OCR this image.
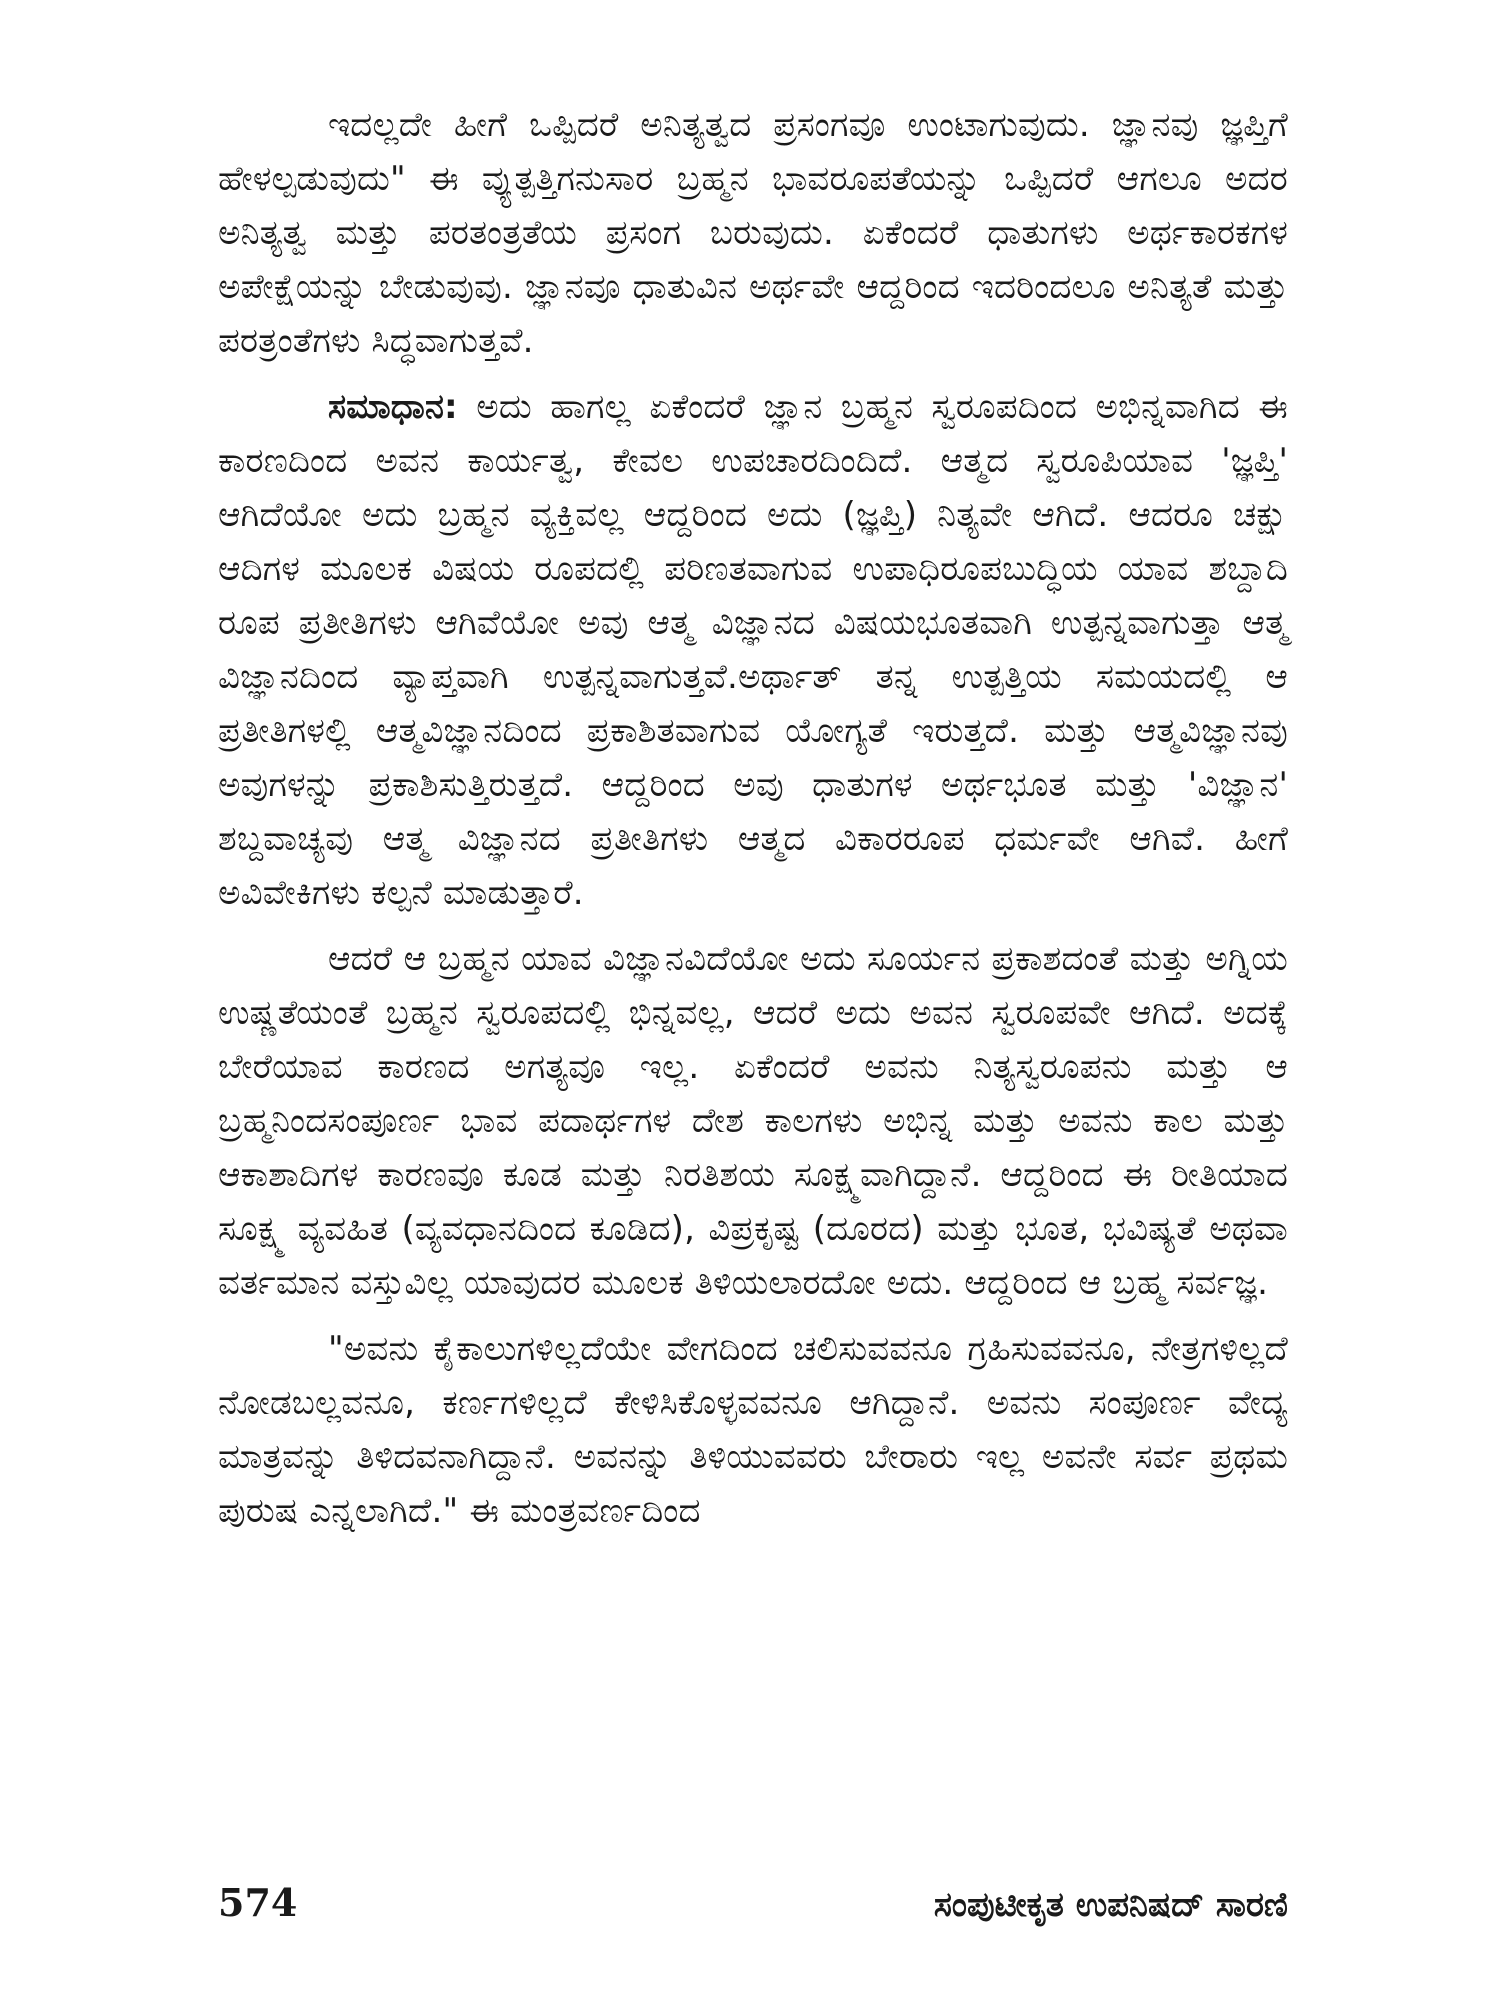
ಇದಲ್ಲದೇ ಹೀಗೆ ಒಪ್ಪಿದರೆ ಅನಿತ್ಯತ್ವದ ಪ್ರಸಂಗವೂ ಉಂಟಾಗುವುದು. ಜ್ಞಾನವು ಜ್ಞಪ್ತಿಗೆ ಹೇಳಲ್ಪಡುವುದು" ಈ ವ್ಯುತ್ಪತ್ತಿಗನುಸಾರ ಬ್ರಹ್ಮನ ಭಾವರೂಪತೆಯನ್ನು ಒಪ್ಪಿದರೆ ಆಗಲೂ ಅದರ ಅನಿತ್ಯತ್ವ ಮತ್ತು ಪರತಂತ್ರತೆಯ ಪ್ರಸಂಗ ಬರುವುದು. ಏಕೆಂದರೆ ಧಾತುಗಳು ಅರ್ಥಕಾರಕಗಳ ಅಪೇಕ್ಷೆಯನ್ನು ಬೇಡುವುವು. ಜ್ಞಾನವೂ ಧಾತುವಿನ ಅರ್ಥವೇ ಆದ್ದರಿಂದ ಇದರಿಂದಲೂ ಅನಿತ್ಯತೆ ಮತ್ತು ಪರತ್ರಂತೆಗಳು ಸಿದ್ಧವಾಗುತ್ತವೆ.

ಸಮಾಧಾನ: ಅದು ಹಾಗಲ್ಲ ಏಕೆಂದರೆ ಜ್ಞಾನ ಬ್ರಹ್ಮನ ಸ್ವರೂಪದಿಂದ ಅಭಿನ್ನವಾಗಿದ ಈ ಕಾರಣದಿಂದ ಅವನ ಕಾರ್ಯತ್ವ, ಕೇವಲ ಉಪಚಾರದಿಂದಿದೆ. ಆತ್ಮದ ಸ್ವರೂಪಿಯಾವ 'ಜ್ಞಪ್ತಿ' ಆಗಿದೆಯೋ ಅದು ಬ್ರಹ್ಮನ ವ್ಯಕ್ತಿವಲ್ಲ ಆದ್ದರಿಂದ ಅದು (ಜ್ಞಪ್ತಿ) ನಿತ್ಯವೇ ಆಗಿದೆ. ಆದರೂ ಚಕ್ಷು ಆದಿಗಳ ಮೂಲಕ ವಿಷಯ ರೂಪದಲ್ಲಿ ಪರಿಣತವಾಗುವ ಉಪಾಧಿರೂಪಬುದ್ಧಿಯ ಯಾವ ಶಬ್ದಾದಿ ರೂಪ ಪ್ರತೀತಿಗಳು ಆಗಿವೆಯೋ ಅವು ಆತ್ಮ ವಿಜ್ಞಾನದ ವಿಷಯಭೂತವಾಗಿ ಉತ್ಪನ್ನವಾಗುತ್ತಾ ಆತ್ಮ ವಿಜ್ಞಾನದಿಂದ ವ್ಯಾಪ್ತವಾಗಿ ಉತ್ಪನ್ನವಾಗುತ್ತವೆ.ಅರ್ಥಾತ್ ತನ್ನ ಉತ್ಪತ್ತಿಯ ಸಮಯದಲ್ಲಿ ಆ ಪ್ರತೀತಿಗಳಲ್ಲಿ ಆತ್ಮವಿಜ್ಞಾನದಿಂದ ಪ್ರಕಾಶಿತವಾಗುವ ಯೋಗ್ಯತೆ ಇರುತ್ತದೆ. ಮತ್ತು ಆತ್ಮವಿಜ್ಞಾನವು ಅವುಗಳನ್ನು ಪ್ರಕಾಶಿಸುತ್ತಿರುತ್ತದೆ. ಆದ್ದರಿಂದ ಅವು ಧಾತುಗಳ ಅರ್ಥಭೂತ ಮತ್ತು 'ವಿಜ್ಞಾನ' ಶಬ್ದವಾಚ್ಯವು ಆತ್ಮ ವಿಜ್ಞಾನದ ಪ್ರತೀತಿಗಳು ಆತ್ಮದ ವಿಕಾರರೂಪ ಧರ್ಮವೇ ಆಗಿವೆ. ಹೀಗೆ ಅವಿವೇಕಿಗಳು ಕಲ್ಪನೆ ಮಾಡುತ್ತಾರೆ.

ಆದರೆ ಆ ಬ್ರಹ್ಮನ ಯಾವ ವಿಜ್ಞಾನವಿದೆಯೋ ಅದು ಸೂರ್ಯನ ಪ್ರಕಾಶದಂತೆ ಮತ್ತು ಅಗ್ನಿಯ ಉಷ್ಣತೆಯಂತೆ ಬ್ರಹ್ಮನ ಸ್ವರೂಪದಲ್ಲಿ ಭಿನ್ನವಲ್ಲ, ಆದರೆ ಅದು ಅವನ ಸ್ವರೂಪವೇ ಆಗಿದೆ. ಅದಕ್ಕೆ ಬೇರೆಯಾವ ಕಾರಣದ ಅಗತ್ಯವೂ ಇಲ್ಲ. ಏಕೆಂದರೆ ಅವನು ನಿತ್ಯಸ್ವರೂಪನು ಮತ್ತು ಆ ಬ್ರಹ್ಮನಿಂದಸಂಪೂರ್ಣ ಭಾವ ಪದಾರ್ಥಗಳ ದೇಶ ಕಾಲಗಳು ಅಭಿನ್ನ ಮತ್ತು ಅವನು ಕಾಲ ಮತ್ತು ಆಕಾಶಾದಿಗಳ ಕಾರಣವೂ ಕೂಡ ಮತ್ತು ನಿರತಿಶಯ ಸೂಕ್ಷ್ಮವಾಗಿದ್ದಾನೆ. ಆದ್ದರಿಂದ ಈ ರೀತಿಯಾದ ಸೂಕ್ಷ್ಮ ವ್ಯವಹಿತ (ವ್ಯವಧಾನದಿಂದ ಕೂಡಿದ), ವಿಪ್ರಕೃಷ್ಟ (ದೂರದ) ಮತ್ತು ಭೂತ, ಭವಿಷ್ಯತೆ ಅಥವಾ ವರ್ತಮಾನ ವಸ್ತುವಿಲ್ಲ ಯಾವುದರ ಮೂಲಕ ತಿಳಿಯಲಾರದೋ ಅದು. ಆದ್ದರಿಂದ ಆ ಬ್ರಹ್ಮ ಸರ್ವಜ್ಞ.

"ಅವನು ಕೈಕಾಲುಗಳಿಲ್ಲದೆಯೇ ವೇಗದಿಂದ ಚಲಿಸುವವನೂ ಗ್ರಹಿಸುವವನೂ, ನೇತ್ರಗಳಿಲ್ಲದೆ ನೋಡಬಲ್ಲವನೂ, ಕರ್ಣಗಳಿಲ್ಲದೆ ಕೇಳಿಸಿಕೊಳ್ಳವವನೂ ಆಗಿದ್ದಾನೆ. ಅವನು ಸಂಪೂರ್ಣ ವೇದ್ಯ ಮಾತ್ರವನ್ನು ತಿಳಿದವನಾಗಿದ್ದಾನೆ. ಅವನನ್ನು ತಿಳಿಯುವವರು ಬೇರಾರು ಇಲ್ಲ ಅವನೇ ಸರ್ವ ಪ್ರಥಮ ಪುರುಷ ಎನ್ನಲಾಗಿದೆ." ಈ ಮಂತ್ರವರ್ಣದಿಂದ

574	ಸಂಪುಟೀಕೃತ ಉಪನಿಷದ್ ಸಾರಣಿ
